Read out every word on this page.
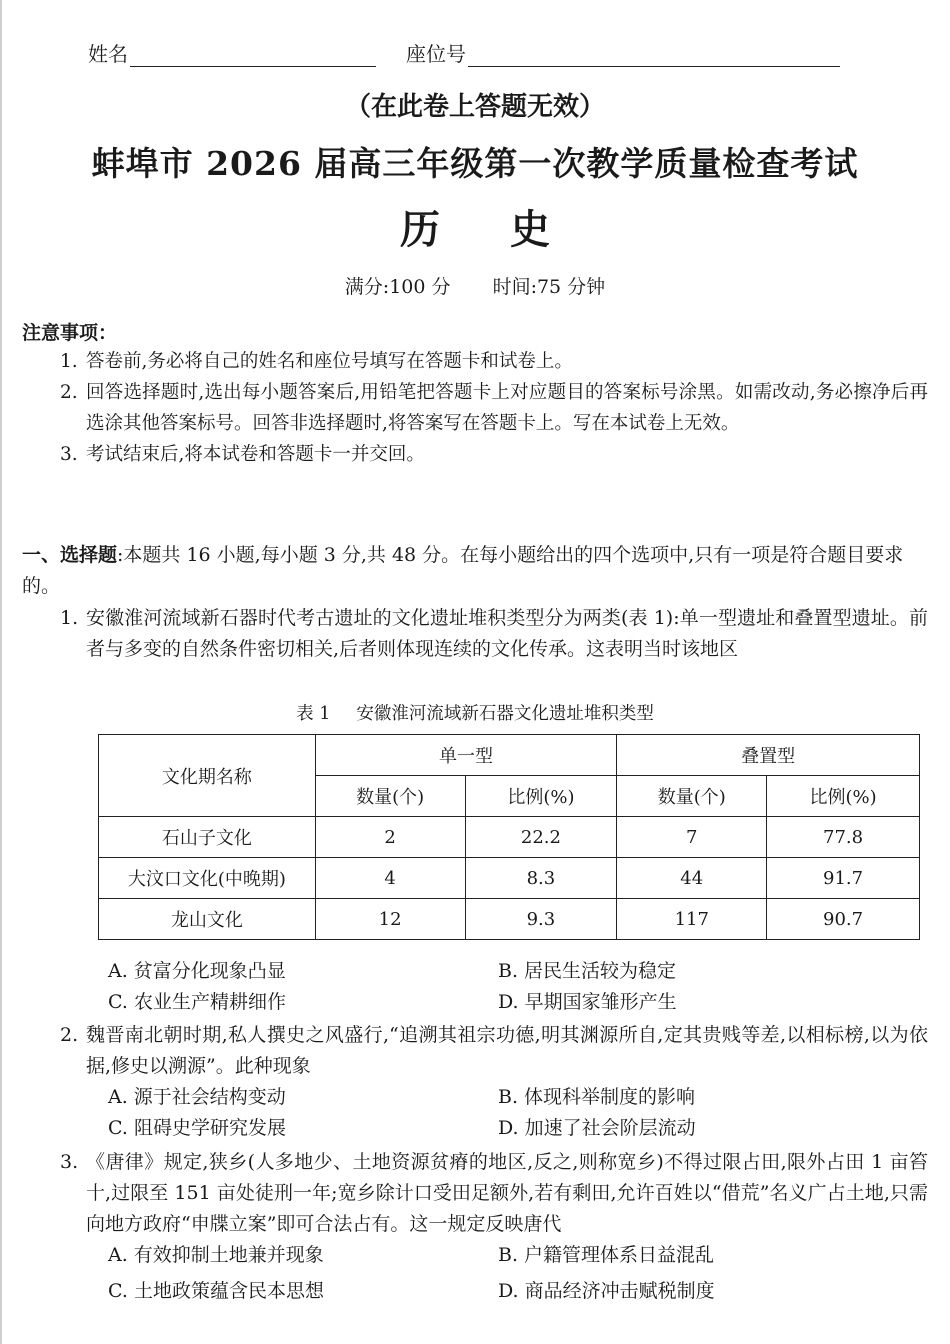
姓名	座位号
（在此卷上答题无效）
蚌埠市 2026 届高三年级第一次教学质量检查考试
历史
满分:100 分 时间:75 分钟
注意事项：
1. 答卷前,务必将自己的姓名和座位号填写在答题卡和试卷上。
2. 回答选择题时,选出每小题答案后,用铅笔把答题卡上对应题目的答案标号涂黑。如需改动,务必擦净后再选涂其他答案标号。回答非选择题时,将答案写在答题卡上。写在本试卷上无效。
3. 考试结束后,将本试卷和答题卡一并交回。
一、选择题:本题共 16 小题,每小题 3 分,共 48 分。在每小题给出的四个选项中,只有一项是符合题目要求的。
1. 安徽淮河流域新石器时代考古遗址的文化遗址堆积类型分为两类(表 1):单一型遗址和叠置型遗址。前者与多变的自然条件密切相关,后者则体现连续的文化传承。这表明当时该地区
表 1 安徽淮河流域新石器文化遗址堆积类型
文化期名称	单一型		叠置型	
	数量(个)	比例(%)	数量(个)	比例(%)
石山子文化	2	22.2	7	77.8
大汶口文化(中晚期)	4	8.3	44	91.7
龙山文化	12	9.3	117	90.7
A. 贫富分化现象凸显	B. 居民生活较为稳定
C. 农业生产精耕细作	D. 早期国家雏形产生
2. 魏晋南北朝时期,私人撰史之风盛行,“追溯其祖宗功德,明其渊源所自,定其贵贱等差,以相标榜,以为依据,修史以溯源”。此种现象
A. 源于社会结构变动	B. 体现科举制度的影响
C. 阻碍史学研究发展	D. 加速了社会阶层流动
3. 《唐律》规定,狭乡(人多地少、土地资源贫瘠的地区,反之,则称宽乡)不得过限占田,限外占田 1 亩笞十,过限至 151 亩处徒刑一年;宽乡除计口受田足额外,若有剩田,允许百姓以“借荒”名义广占土地,只需向地方政府“申牒立案”即可合法占有。这一规定反映唐代
A. 有效抑制土地兼并现象	B. 户籍管理体系日益混乱
C. 土地政策蕴含民本思想	D. 商品经济冲击赋税制度
